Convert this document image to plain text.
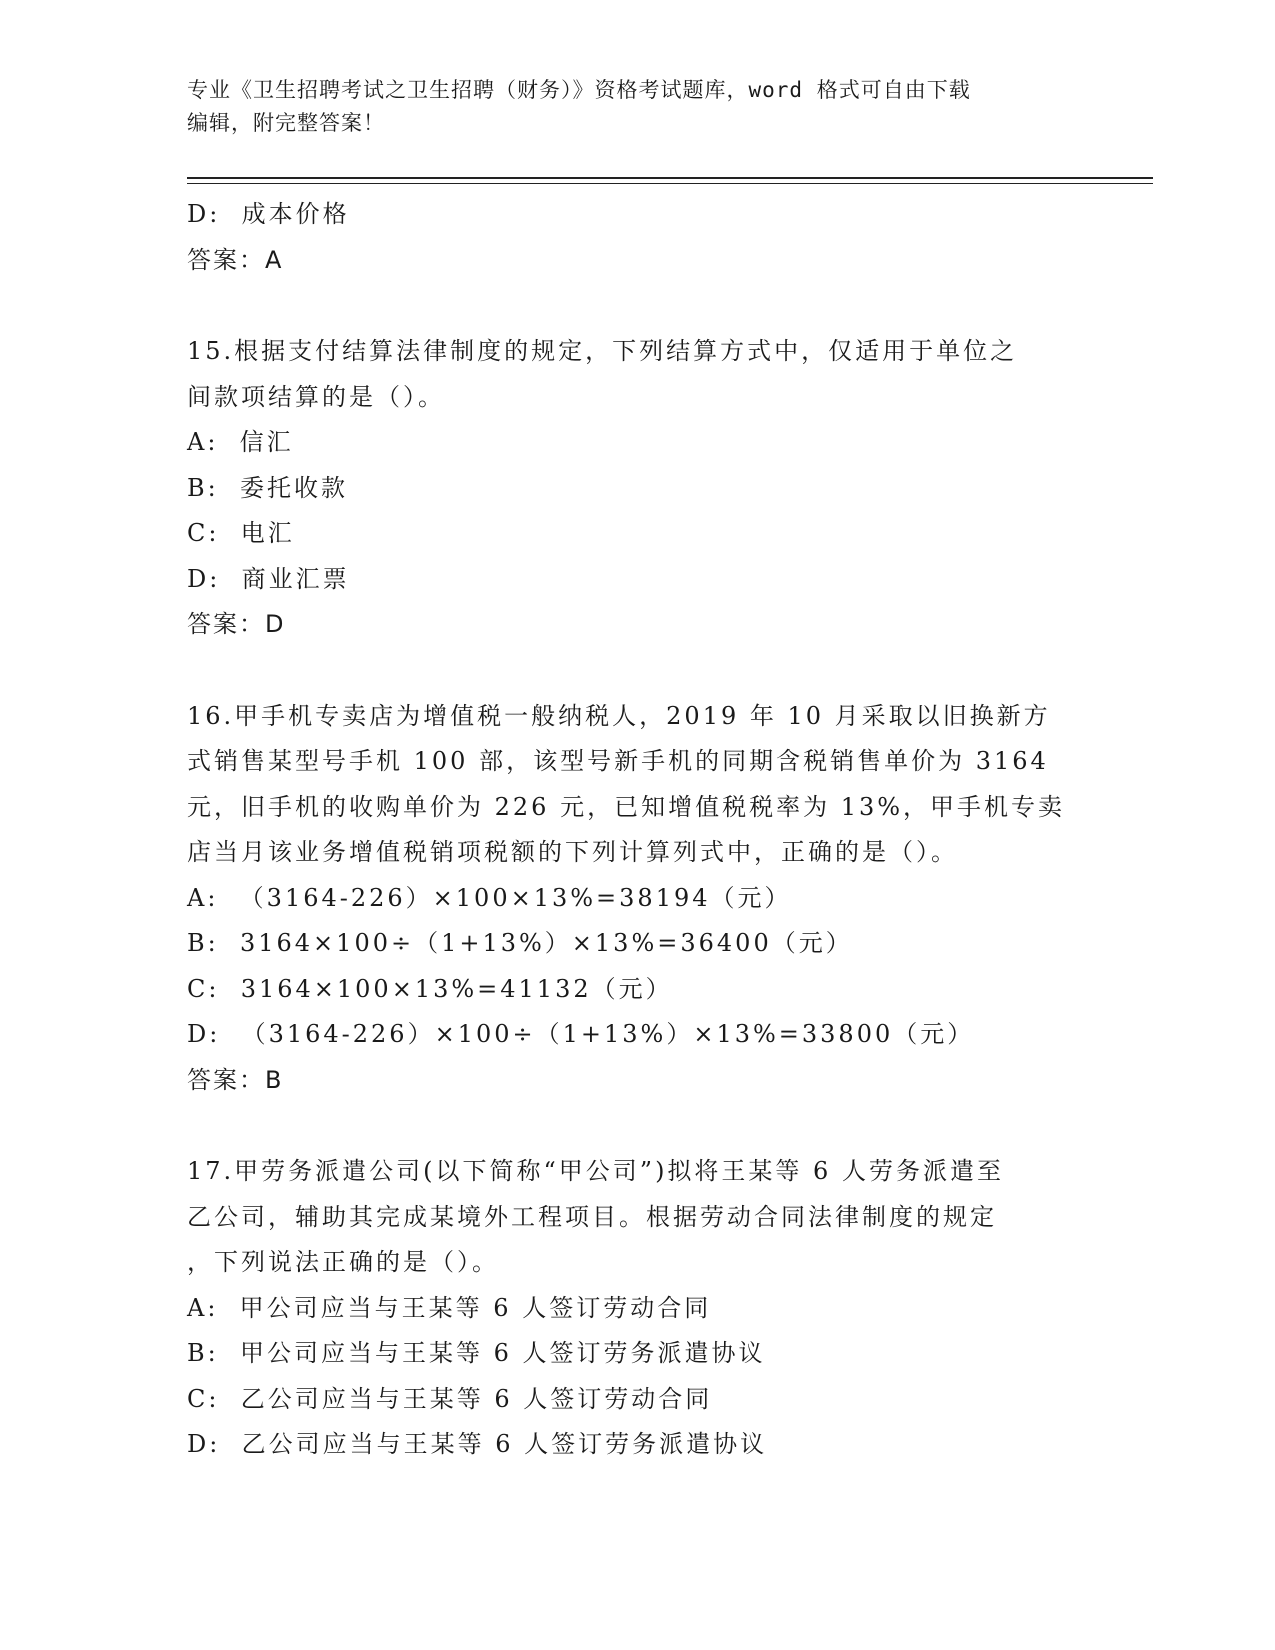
专业《卫生招聘考试之卫生招聘（财务）》资格考试题库，word 格式可自由下载
编辑，附完整答案！
D:  成本价格
答案：A
15.根据支付结算法律制度的规定，下列结算方式中，仅适用于单位之
间款项结算的是（）。
A:  信汇
B:  委托收款
C:  电汇
D:  商业汇票
答案：D
16.甲手机专卖店为增值税一般纳税人，2019 年 10 月采取以旧换新方
式销售某型号手机 100 部，该型号新手机的同期含税销售单价为 3164
元，旧手机的收购单价为 226 元，已知增值税税率为 13%，甲手机专卖
店当月该业务增值税销项税额的下列计算列式中，正确的是（）。
A:  （3164-226）×100×13%=38194（元）
B:  3164×100÷（1+13%）×13%=36400（元）
C:  3164×100×13%=41132（元）
D:  （3164-226）×100÷（1+13%）×13%=33800（元）
答案：B
17.甲劳务派遣公司(以下简称“甲公司”)拟将王某等 6 人劳务派遣至
乙公司，辅助其完成某境外工程项目。根据劳动合同法律制度的规定
，下列说法正确的是（）。
A:  甲公司应当与王某等 6 人签订劳动合同
B:  甲公司应当与王某等 6 人签订劳务派遣协议
C:  乙公司应当与王某等 6 人签订劳动合同
D:  乙公司应当与王某等 6 人签订劳务派遣协议
